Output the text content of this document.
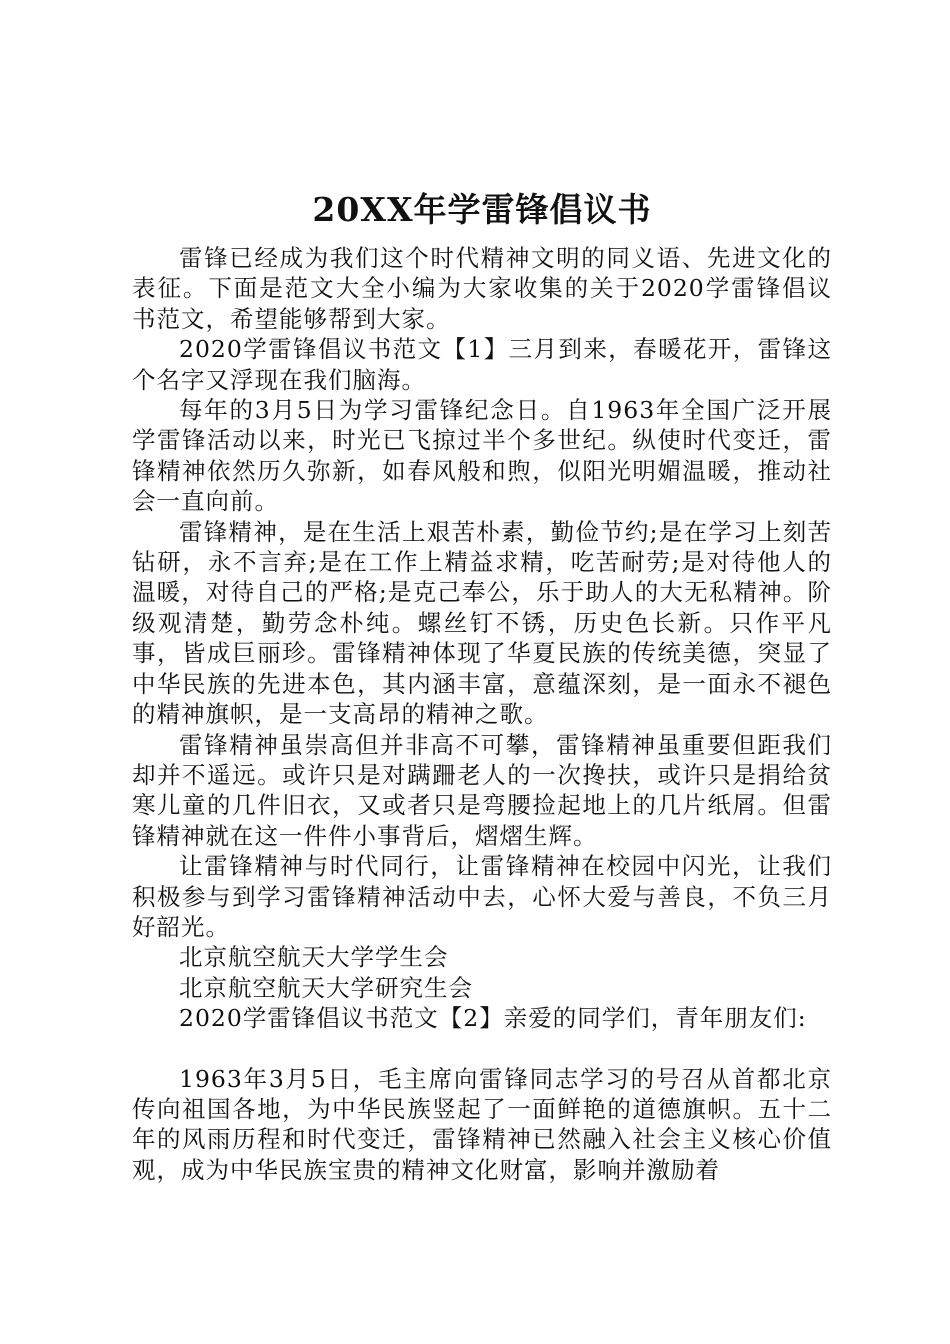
20XX年学雷锋倡议书

雷锋已经成为我们这个时代精神文明的同义语、先进文化的表征。下面是范文大全小编为大家收集的关于2020学雷锋倡议书范文，希望能够帮到大家。

2020学雷锋倡议书范文【1】三月到来，春暖花开，雷锋这个名字又浮现在我们脑海。

每年的3月5日为学习雷锋纪念日。自1963年全国广泛开展学雷锋活动以来，时光已飞掠过半个多世纪。纵使时代变迁，雷锋精神依然历久弥新，如春风般和煦，似阳光明媚温暖，推动社会一直向前。

雷锋精神，是在生活上艰苦朴素，勤俭节约;是在学习上刻苦钻研，永不言弃;是在工作上精益求精，吃苦耐劳;是对待他人的温暖，对待自己的严格;是克己奉公，乐于助人的大无私精神。阶级观清楚，勤劳念朴纯。螺丝钉不锈，历史色长新。只作平凡事，皆成巨丽珍。雷锋精神体现了华夏民族的传统美德，突显了中华民族的先进本色，其内涵丰富，意蕴深刻，是一面永不褪色的精神旗帜，是一支高昂的精神之歌。

雷锋精神虽崇高但并非高不可攀，雷锋精神虽重要但距我们却并不遥远。或许只是对蹒跚老人的一次搀扶，或许只是捐给贫寒儿童的几件旧衣，又或者只是弯腰捡起地上的几片纸屑。但雷锋精神就在这一件件小事背后，熠熠生辉。

让雷锋精神与时代同行，让雷锋精神在校园中闪光，让我们积极参与到学习雷锋精神活动中去，心怀大爱与善良，不负三月好韶光。

北京航空航天大学学生会

北京航空航天大学研究生会

2020学雷锋倡议书范文【2】亲爱的同学们，青年朋友们:

1963年3月5日，毛主席向雷锋同志学习的号召从首都北京传向祖国各地，为中华民族竖起了一面鲜艳的道德旗帜。五十二年的风雨历程和时代变迁，雷锋精神已然融入社会主义核心价值观，成为中华民族宝贵的精神文化财富，影响并激励着
